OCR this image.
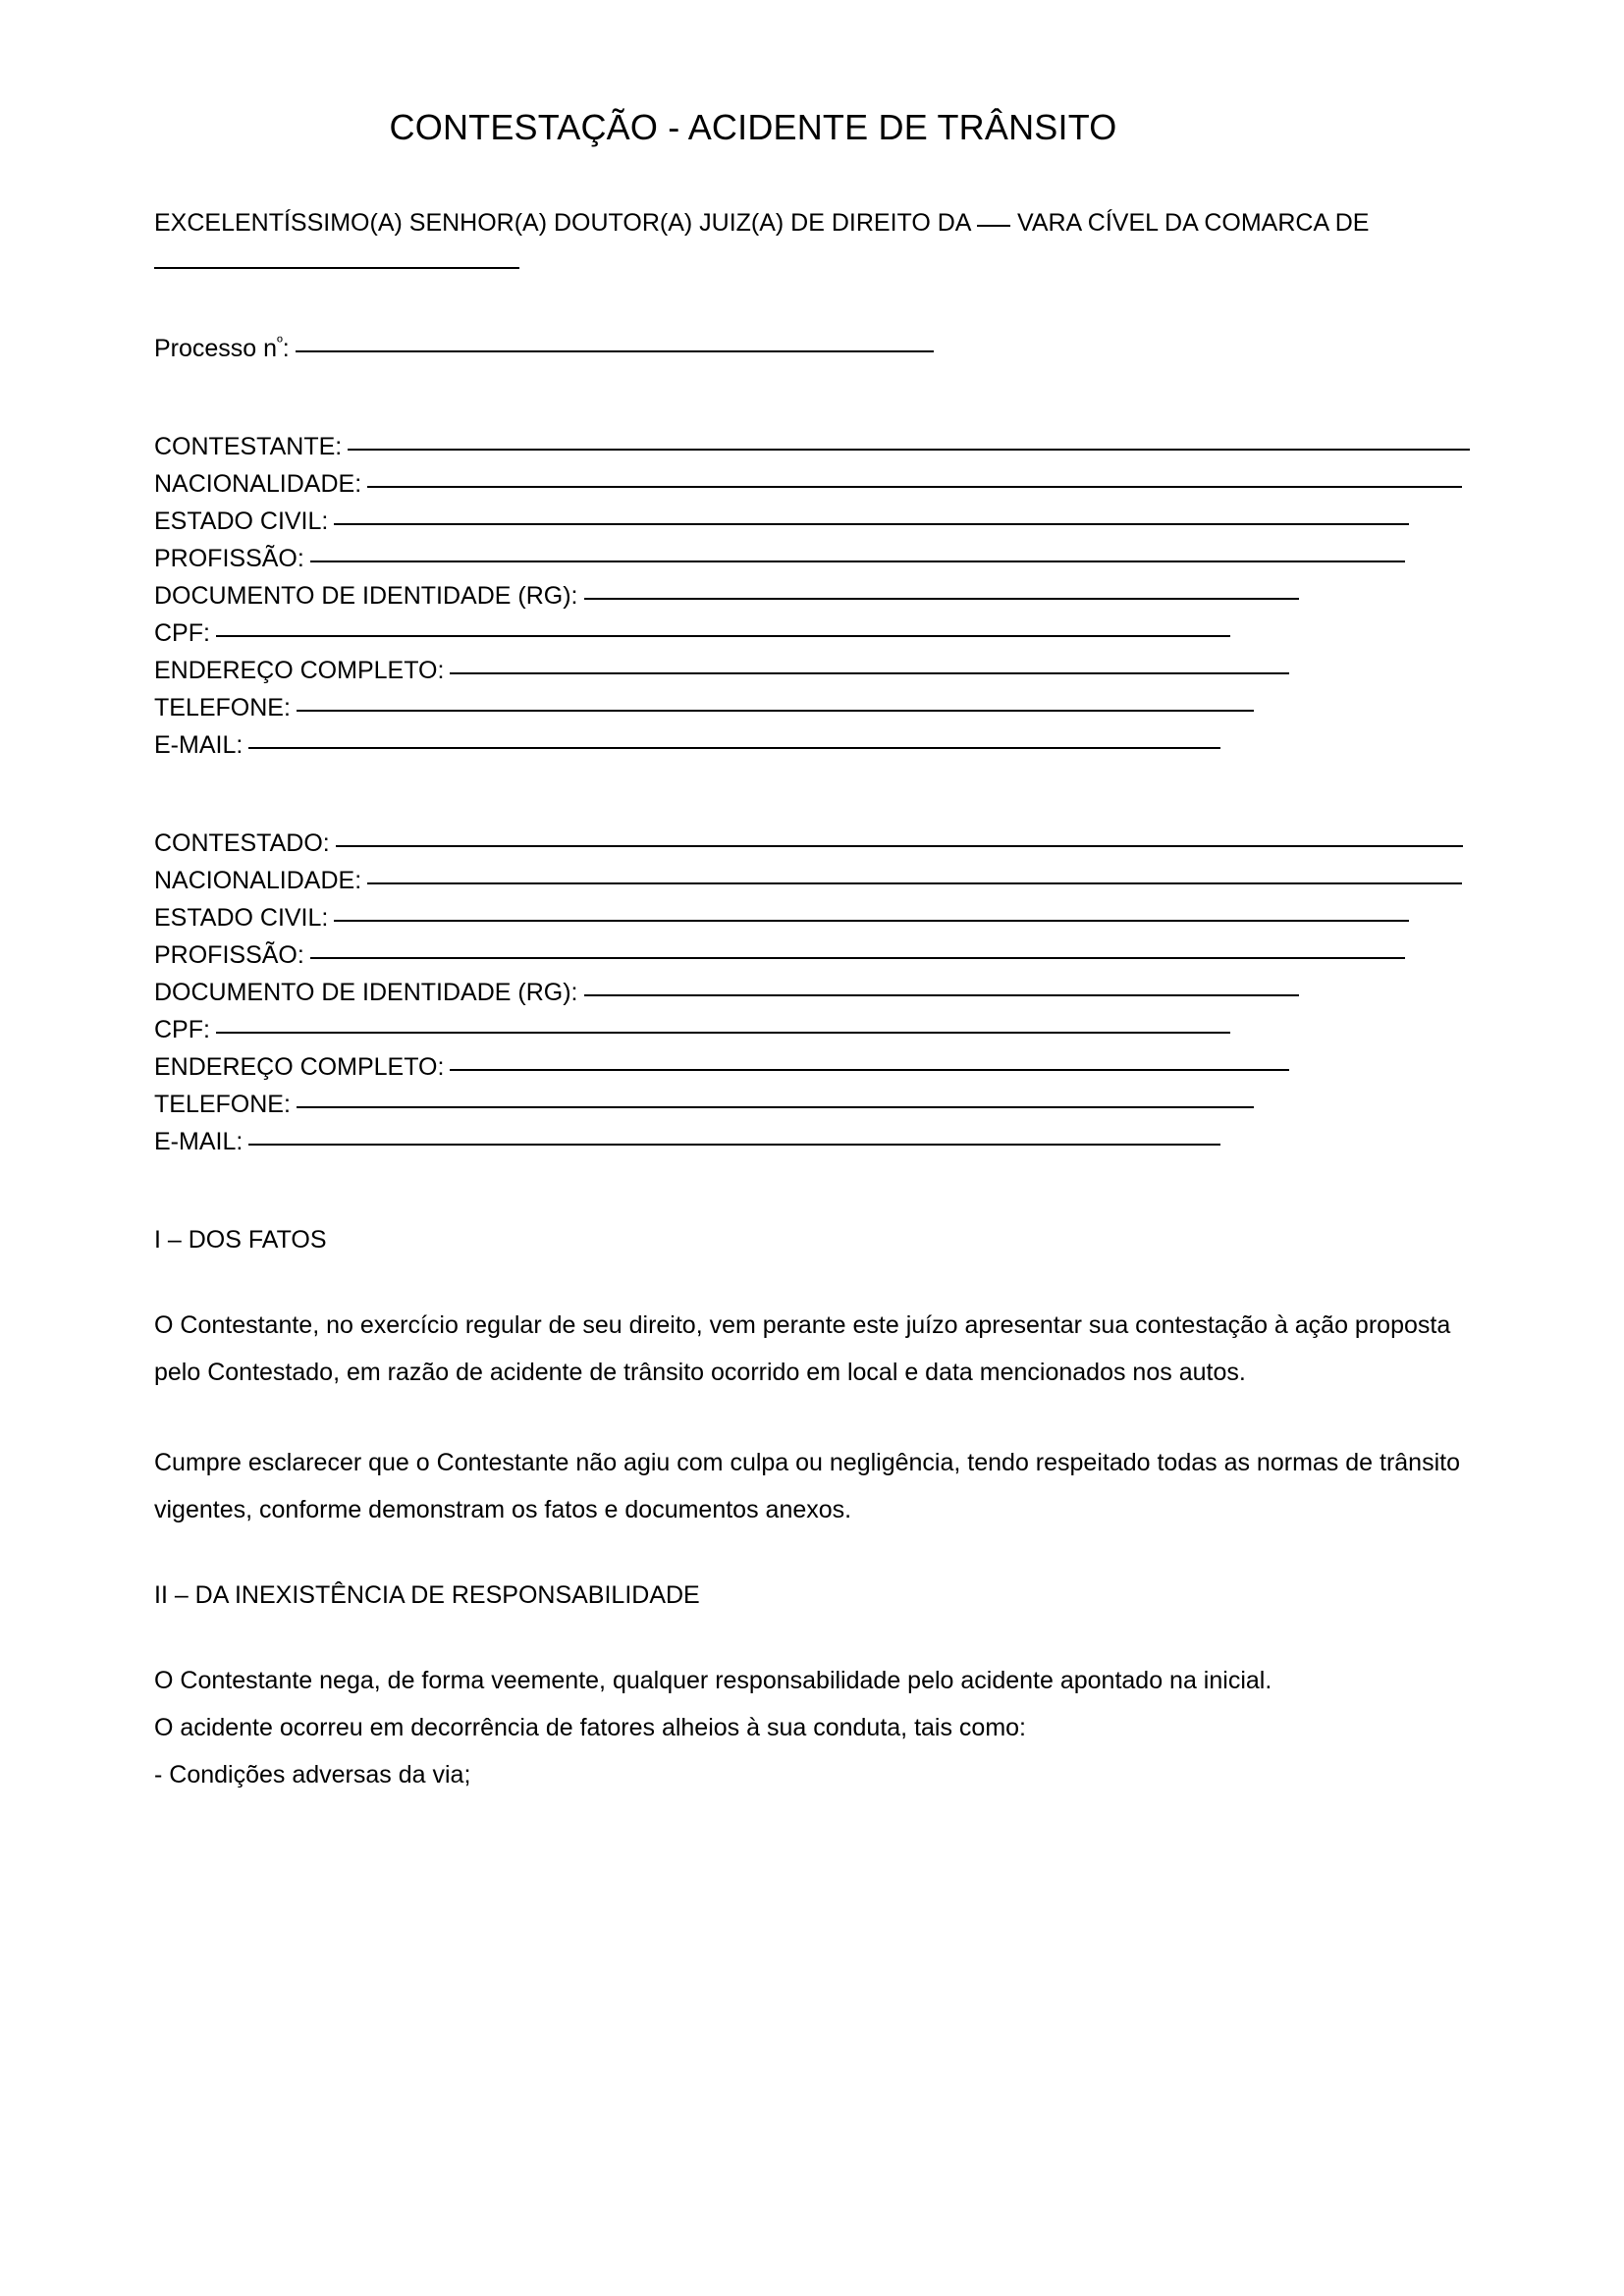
CONTESTAÇÃO - ACIDENTE DE TRÂNSITO

EXCELENTÍSSIMO(A) SENHOR(A) DOUTOR(A) JUIZ(A) DE DIREITO DA VARA CÍVEL DA COMARCA DE

Processo $n^º$:
CONTESTANTE:
NACIONALIDADE:
ESTADO CIVIL:
PROFISSÃO:
DOCUMENTO DE IDENTIDADE (RG):
CPF:
ENDEREÇO COMPLETO:
TELEFONE:
E-MAIL:
CONTESTADO:
NACIONALIDADE:
ESTADO CIVIL:
PROFISSÃO:
DOCUMENTO DE IDENTIDADE (RG):
CPF:
ENDEREÇO COMPLETO:
TELEFONE:
E-MAIL:

I – DOS FATOS

O Contestante, no exercício regular de seu direito, vem perante este juízo apresentar sua contestação à ação proposta pelo Contestado, em razão de acidente de trânsito ocorrido em local e data mencionados nos autos.

Cumpre esclarecer que o Contestante não agiu com culpa ou negligência, tendo respeitado todas as normas de trânsito vigentes, conforme demonstram os fatos e documentos anexos.

II – DA INEXISTÊNCIA DE RESPONSABILIDADE

O Contestante nega, de forma veemente, qualquer responsabilidade pelo acidente apontado na inicial.

O acidente ocorreu em decorrência de fatores alheios à sua conduta, tais como:

- Condições adversas da via;
